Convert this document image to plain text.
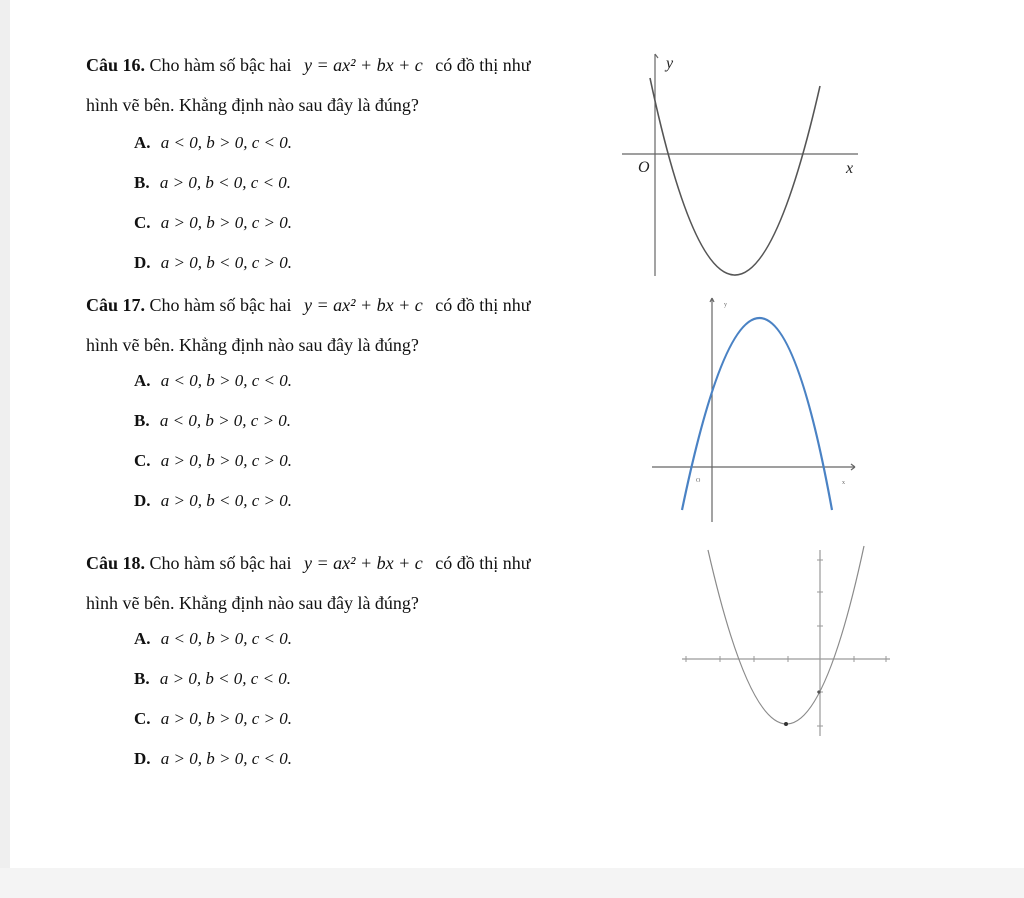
Câu 16. Cho hàm số bậc hai y = ax² + bx + c có đồ thị như
hình vẽ bên. Khẳng định nào sau đây là đúng?
A. a < 0, b > 0, c < 0.
B. a > 0, b < 0, c < 0.
C. a > 0, b > 0, c > 0.
D. a > 0, b < 0, c > 0.
y
x
O
Câu 17. Cho hàm số bậc hai y = ax² + bx + c có đồ thị như
hình vẽ bên. Khẳng định nào sau đây là đúng?
A. a < 0, b > 0, c < 0.
B. a < 0, b > 0, c > 0.
C. a > 0, b > 0, c > 0.
D. a > 0, b < 0, c > 0.
y
x
O
Câu 18. Cho hàm số bậc hai y = ax² + bx + c có đồ thị như
hình vẽ bên. Khẳng định nào sau đây là đúng?
A. a < 0, b > 0, c < 0.
B. a > 0, b < 0, c < 0.
C. a > 0, b > 0, c > 0.
D. a > 0, b > 0, c < 0.
